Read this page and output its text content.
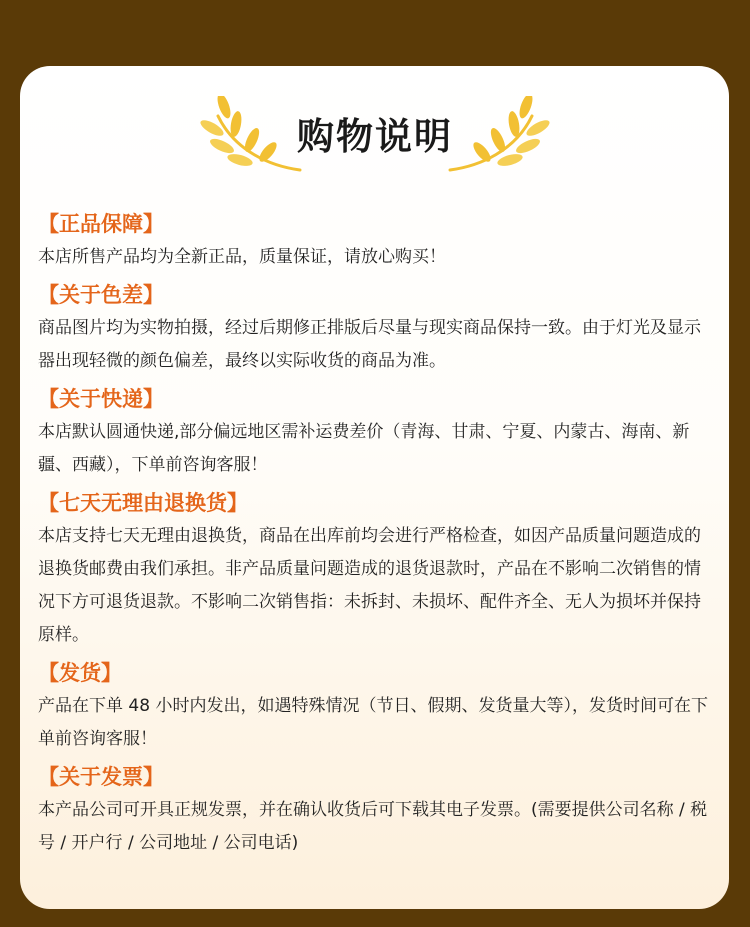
购物说明

【正品保障】

本店所售产品均为全新正品，质量保证，请放心购买！

【关于色差】

商品图片均为实物拍摄，经过后期修正排版后尽量与现实商品保持一致。由于灯光及显示器出现轻微的颜色偏差，最终以实际收货的商品为准。

【关于快递】

本店默认圆通快递,部分偏远地区需补运费差价（青海、甘肃、宁夏、内蒙古、海南、新疆、西藏），下单前咨询客服！

【七天无理由退换货】

本店支持七天无理由退换货，商品在出库前均会进行严格检查，如因产品质量问题造成的退换货邮费由我们承担。非产品质量问题造成的退货退款时，产品在不影响二次销售的情况下方可退货退款。不影响二次销售指：未拆封、未损坏、配件齐全、无人为损坏并保持原样。

【发货】

产品在下单 48 小时内发出，如遇特殊情况（节日、假期、发货量大等），发货时间可在下单前咨询客服！

【关于发票】

本产品公司可开具正规发票，并在确认收货后可下载其电子发票。(需要提供公司名称 / 税号 / 开户行 / 公司地址 / 公司电话)
